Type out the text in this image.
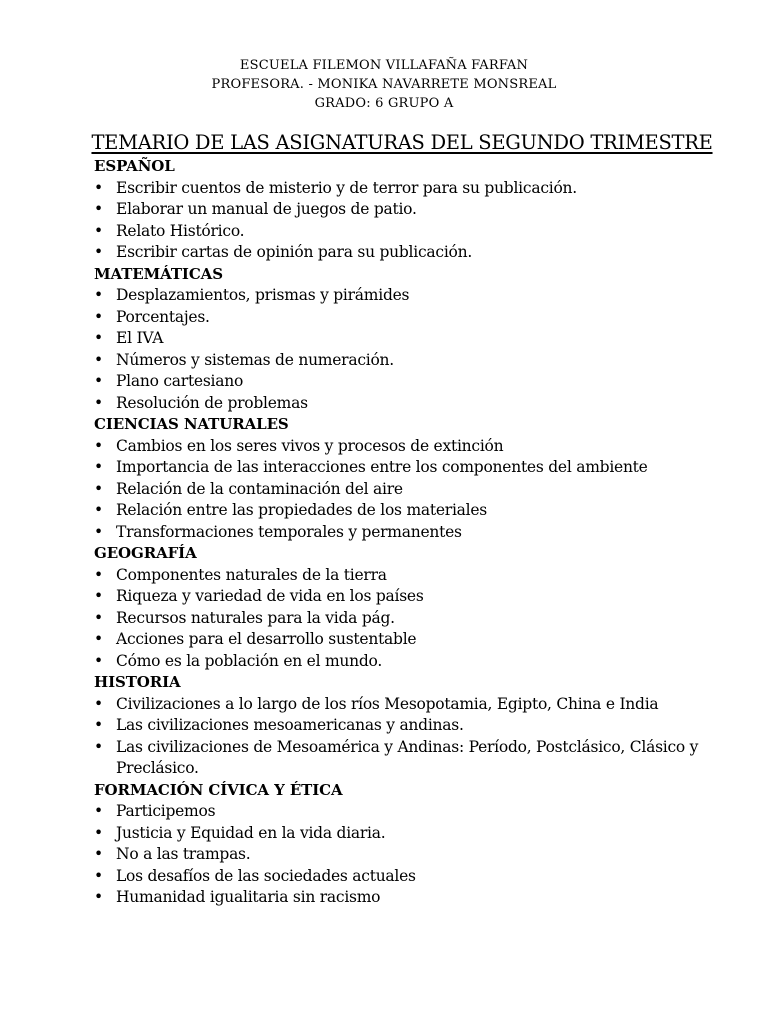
ESCUELA FILEMON VILLAFAÑA FARFAN
PROFESORA. - MONIKA NAVARRETE MONSREAL
GRADO: 6 GRUPO A
TEMARIO DE LAS ASIGNATURAS DEL SEGUNDO TRIMESTRE
ESPAÑOL
• Escribir cuentos de misterio y de terror para su publicación.
• Elaborar un manual de juegos de patio.
• Relato Histórico.
• Escribir cartas de opinión para su publicación.
MATEMÁTICAS
• Desplazamientos, prismas y pirámides
• Porcentajes.
• El IVA
• Números y sistemas de numeración.
• Plano cartesiano
• Resolución de problemas
CIENCIAS NATURALES
• Cambios en los seres vivos y procesos de extinción
• Importancia de las interacciones entre los componentes del ambiente
• Relación de la contaminación del aire
• Relación entre las propiedades de los materiales
• Transformaciones temporales y permanentes
GEOGRAFÍA
• Componentes naturales de la tierra
• Riqueza y variedad de vida en los países
• Recursos naturales para la vida pág.
• Acciones para el desarrollo sustentable
• Cómo es la población en el mundo.
HISTORIA
• Civilizaciones a lo largo de los ríos Mesopotamia, Egipto, China e India
• Las civilizaciones mesoamericanas y andinas.
• Las civilizaciones de Mesoamérica y Andinas: Período, Postclásico, Clásico y Preclásico.
FORMACIÓN CÍVICA Y ÉTICA
• Participemos
• Justicia y Equidad en la vida diaria.
• No a las trampas.
• Los desafíos de las sociedades actuales
• Humanidad igualitaria sin racismo
